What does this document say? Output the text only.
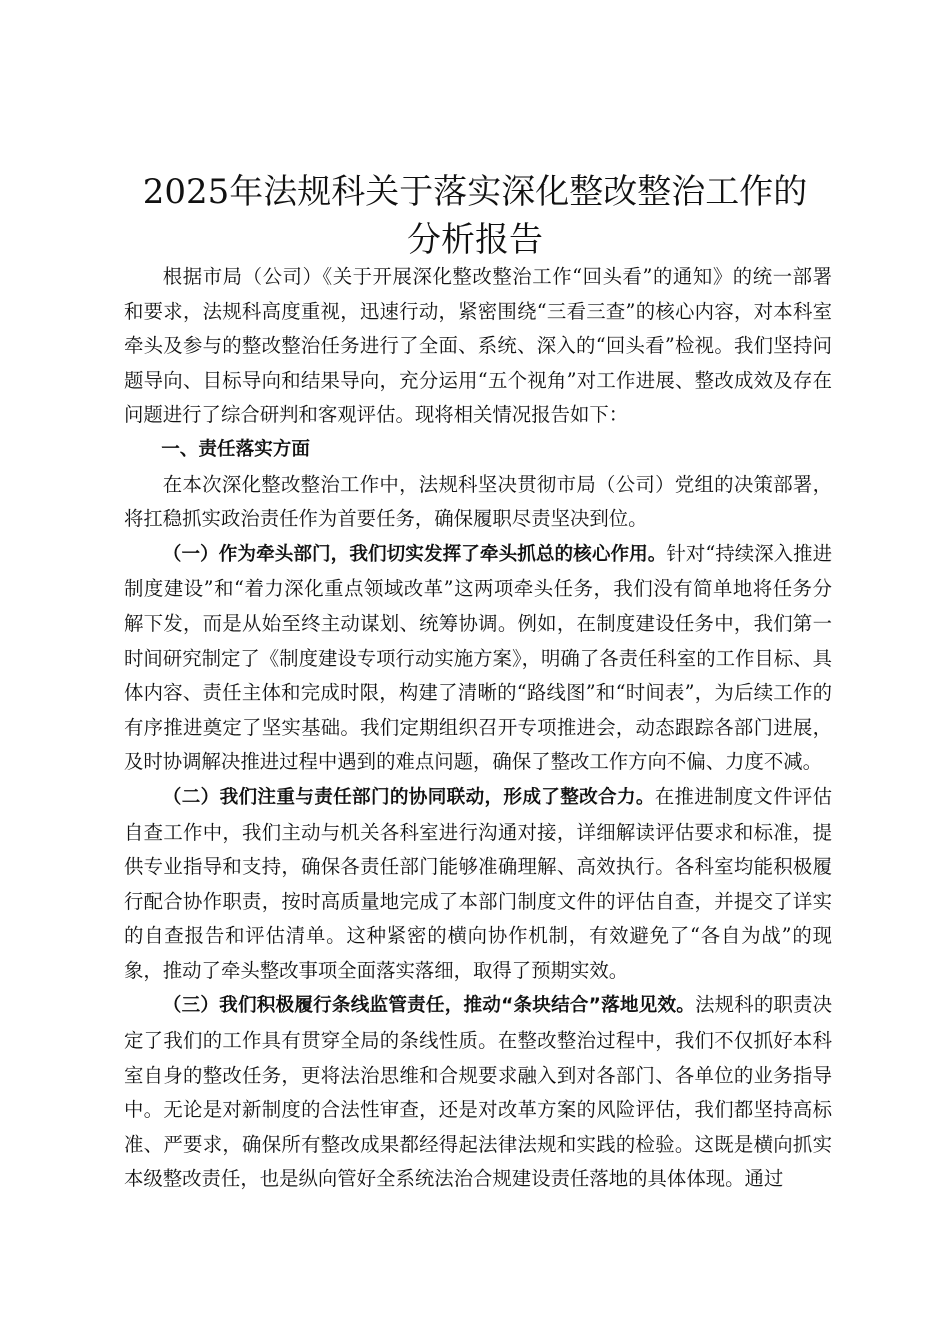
2025年法规科关于落实深化整改整治工作的
分析报告

根据市局（公司）《关于开展深化整改整治工作“回头看”的通知》的统一部署和要求，法规科高度重视，迅速行动，紧密围绕“三看三查”的核心内容，对本科室牵头及参与的整改整治任务进行了全面、系统、深入的“回头看”检视。我们坚持问题导向、目标导向和结果导向，充分运用“五个视角”对工作进展、整改成效及存在问题进行了综合研判和客观评估。现将相关情况报告如下：

一、责任落实方面

在本次深化整改整治工作中，法规科坚决贯彻市局（公司）党组的决策部署，将扛稳抓实政治责任作为首要任务，确保履职尽责坚决到位。

（一）作为牵头部门，我们切实发挥了牵头抓总的核心作用。针对“持续深入推进制度建设”和“着力深化重点领域改革”这两项牵头任务，我们没有简单地将任务分解下发，而是从始至终主动谋划、统筹协调。例如，在制度建设任务中，我们第一时间研究制定了《制度建设专项行动实施方案》，明确了各责任科室的工作目标、具体内容、责任主体和完成时限，构建了清晰的“路线图”和“时间表”，为后续工作的有序推进奠定了坚实基础。我们定期组织召开专项推进会，动态跟踪各部门进展，及时协调解决推进过程中遇到的难点问题，确保了整改工作方向不偏、力度不减。

（二）我们注重与责任部门的协同联动，形成了整改合力。在推进制度文件评估自查工作中，我们主动与机关各科室进行沟通对接，详细解读评估要求和标准，提供专业指导和支持，确保各责任部门能够准确理解、高效执行。各科室均能积极履行配合协作职责，按时高质量地完成了本部门制度文件的评估自查，并提交了详实的自查报告和评估清单。这种紧密的横向协作机制，有效避免了“各自为战”的现象，推动了牵头整改事项全面落实落细，取得了预期实效。

（三）我们积极履行条线监管责任，推动“条块结合”落地见效。法规科的职责决定了我们的工作具有贯穿全局的条线性质。在整改整治过程中，我们不仅抓好本科室自身的整改任务，更将法治思维和合规要求融入到对各部门、各单位的业务指导中。无论是对新制度的合法性审查，还是对改革方案的风险评估，我们都坚持高标准、严要求，确保所有整改成果都经得起法律法规和实践的检验。这既是横向抓实本级整改责任，也是纵向管好全系统法治合规建设责任落地的具体体现。通过
